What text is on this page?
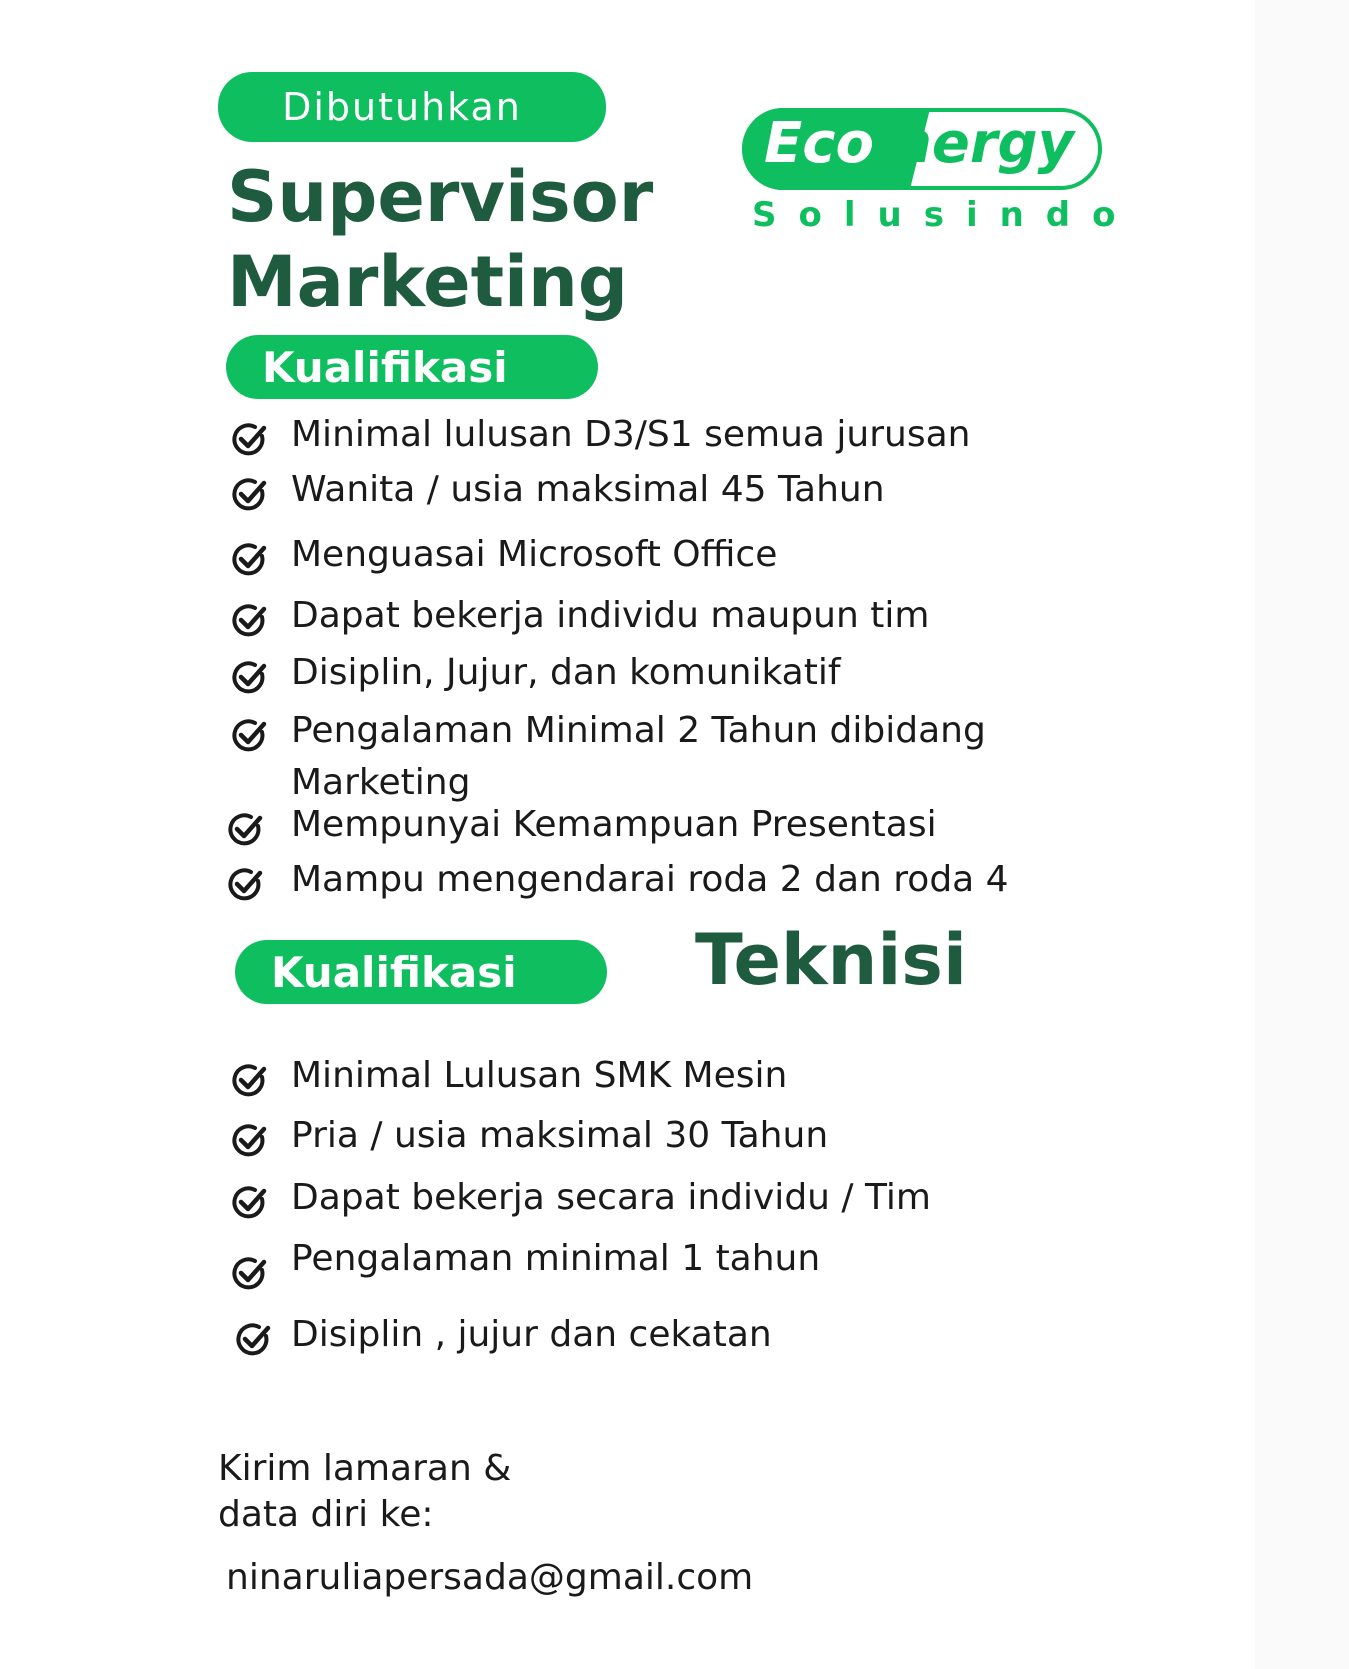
Dibutuhkan
Supervisor
Marketing
Eco nergy
Solusindo
Kualifikasi
Minimal lulusan D3/S1 semua jurusan
Wanita / usia maksimal 45 Tahun
Menguasai Microsoft Office
Dapat bekerja individu maupun tim
Disiplin, Jujur, dan komunikatif
Pengalaman Minimal 2 Tahun dibidang
Marketing
Mempunyai Kemampuan Presentasi
Mampu mengendarai roda 2 dan roda 4
Kualifikasi	Teknisi
Minimal Lulusan SMK Mesin
Pria / usia maksimal 30 Tahun
Dapat bekerja secara individu / Tim
Pengalaman minimal 1 tahun
Disiplin , jujur dan cekatan
Kirim lamaran &
data diri ke:
ninaruliapersada@gmail.com
